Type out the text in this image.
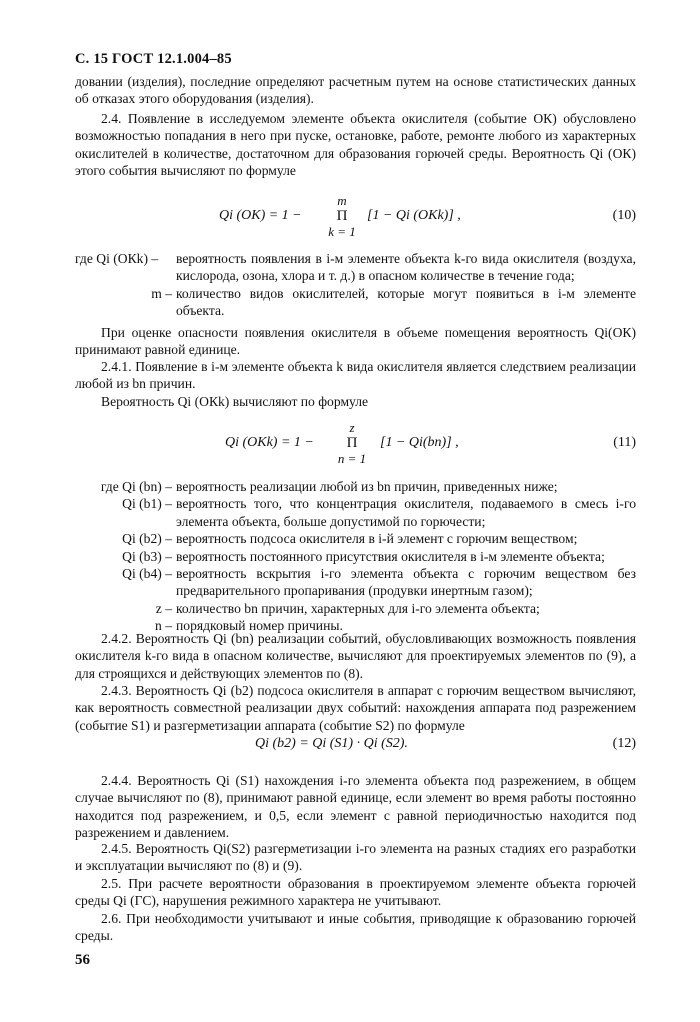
С. 15 ГОСТ 12.1.004–85
довании (изделия), последние определяют расчетным путем на основе статистических данных об отказах этого оборудования (изделия).
2.4. Появление в исследуемом элементе объекта окислителя (событие ОК) обусловлено возможностью попадания в него при пуске, остановке, работе, ремонте любого из характерных окислителей в количестве, достаточном для образования горючей среды. Вероятность Qi (ОК) этого события вычисляют по формуле
Qi (ОК) = 1 −
m
Π
k = 1
[1 − Qi (ОКk)] ,	(10)
где Qi (ОКk) –	вероятность появления в i-м элементе объекта k-го вида окислителя (воздуха, кислорода, озона, хлора и т. д.) в опасном количестве в течение года;
m – количество видов окислителей, которые могут появиться в i-м элементе объекта.
При оценке опасности появления окислителя в объеме помещения вероятность Qi(ОК) принимают равной единице.
2.4.1. Появление в i-м элементе объекта k вида окислителя является следствием реализации любой из bn причин.
Вероятность Qi (ОКk) вычисляют по формуле
Qi (ОКk) = 1 −
z
Π
n = 1
[1 − Qi(bn)] ,	(11)
где Qi (bn) – вероятность реализации любой из bn причин, приведенных ниже;
Qi (b1) – вероятность того, что концентрация окислителя, подаваемого в смесь i-го элемента объекта, больше допустимой по горючести;
Qi (b2) – вероятность подсоса окислителя в i-й элемент с горючим веществом;
Qi (b3) – вероятность постоянного присутствия окислителя в i-м элементе объекта;
Qi (b4) – вероятность вскрытия i-го элемента объекта с горючим веществом без предварительного пропаривания (продувки инертным газом);
z – количество bn причин, характерных для i-го элемента объекта;
n – порядковый номер причины.
2.4.2. Вероятность Qi (bn) реализации событий, обусловливающих возможность появления окислителя k-го вида в опасном количестве, вычисляют для проектируемых элементов по (9), а для строящихся и действующих элементов по (8).
2.4.3. Вероятность Qi (b2) подсоса окислителя в аппарат с горючим веществом вычисляют, как вероятность совместной реализации двух событий: нахождения аппарата под разрежением (событие S1) и разгерметизации аппарата (событие S2) по формуле
Qi (b2) = Qi (S1) · Qi (S2).	(12)
2.4.4. Вероятность Qi (S1) нахождения i-го элемента объекта под разрежением, в общем случае вычисляют по (8), принимают равной единице, если элемент во время работы постоянно находится под разрежением, и 0,5, если элемент с равной периодичностью находится под разрежением и давлением.
2.4.5. Вероятность Qi(S2) разгерметизации i-го элемента на разных стадиях его разработки и эксплуатации вычисляют по (8) и (9).
2.5. При расчете вероятности образования в проектируемом элементе объекта горючей среды Qi (ГС), нарушения режимного характера не учитывают.
2.6. При необходимости учитывают и иные события, приводящие к образованию горючей среды.
56
